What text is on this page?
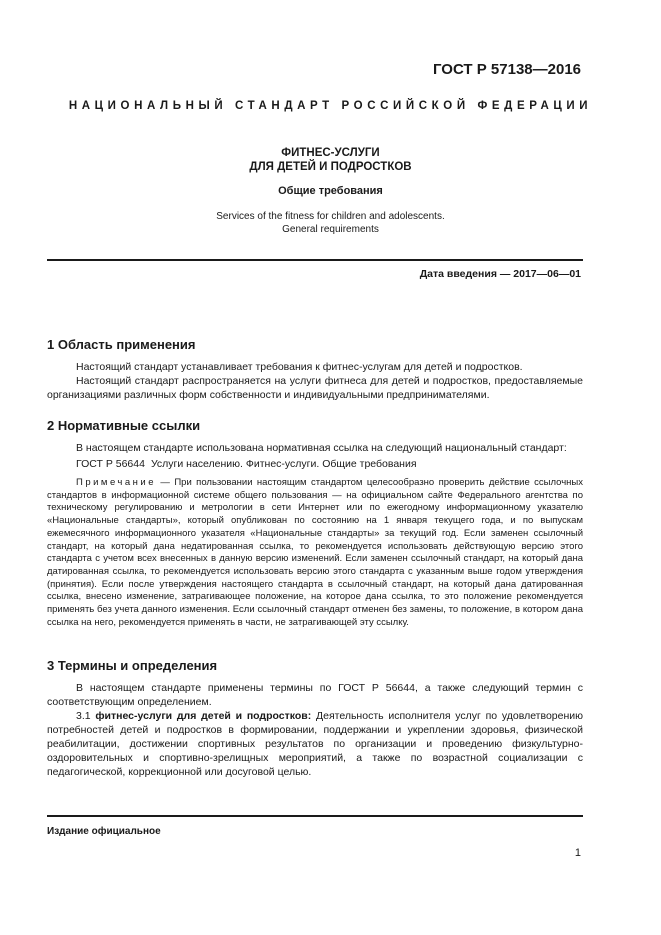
ГОСТ Р 57138—2016
НАЦИОНАЛЬНЫЙ СТАНДАРТ РОССИЙСКОЙ ФЕДЕРАЦИИ
ФИТНЕС-УСЛУГИ
ДЛЯ ДЕТЕЙ И ПОДРОСТКОВ
Общие требования
Services of the fitness for children and adolescents.
General requirements
Дата введения — 2017—06—01
1 Область применения

Настоящий стандарт устанавливает требования к фитнес-услугам для детей и подростков.

Настоящий стандарт распространяется на услуги фитнеса для детей и подростков, предоставляемые организациями различных форм собственности и индивидуальными предпринимателями.

2 Нормативные ссылки

В настоящем стандарте использована нормативная ссылка на следующий национальный стандарт:

ГОСТ Р 56644 Услуги населению. Фитнес-услуги. Общие требования

Примечание — При пользовании настоящим стандартом целесообразно проверить действие ссылочных стандартов в информационной системе общего пользования — на официальном сайте Федерального агентства по техническому регулированию и метрологии в сети Интернет или по ежегодному информационному указателю «Национальные стандарты», который опубликован по состоянию на 1 января текущего года, и по выпускам ежемесячного информационного указателя «Национальные стандарты» за текущий год. Если заменен ссылочный стандарт, на который дана недатированная ссылка, то рекомендуется использовать действующую версию этого стандарта с учетом всех внесенных в данную версию изменений. Если заменен ссылочный стандарт, на который дана датированная ссылка, то рекомендуется использовать версию этого стандарта с указанным выше годом утверждения (принятия). Если после утверждения настоящего стандарта в ссылочный стандарт, на который дана датированная ссылка, внесено изменение, затрагивающее положение, на которое дана ссылка, то это положение рекомендуется применять без учета данного изменения. Если ссылочный стандарт отменен без замены, то положение, в котором дана ссылка на него, рекомендуется применять в части, не затрагивающей эту ссылку.

3 Термины и определения

В настоящем стандарте применены термины по ГОСТ Р 56644, а также следующий термин с соответствующим определением.

3.1 фитнес-услуги для детей и подростков: Деятельность исполнителя услуг по удовлетворению потребностей детей и подростков в формировании, поддержании и укреплении здоровья, физической реабилитации, достижении спортивных результатов по организации и проведению физкультурно-оздоровительных и спортивно-зрелищных мероприятий, а также по возрастной социализации с педагогической, коррекционной или досуговой целью.

Издание официальное
1
